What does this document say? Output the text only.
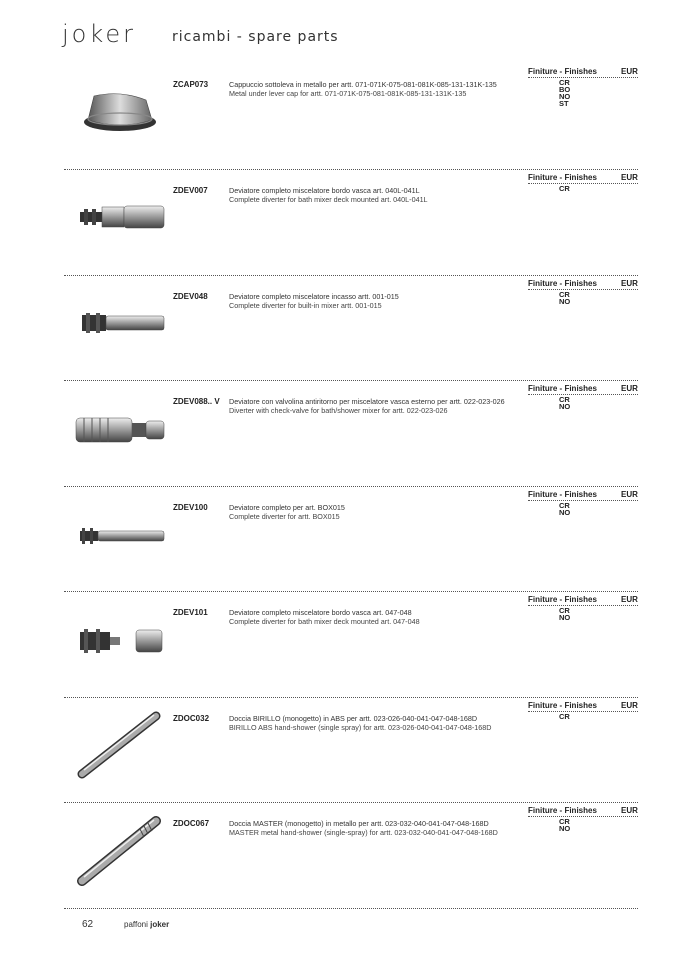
joker	ricambi - spare parts
Finiture - Finishes	EUR
ZCAP073	Cappuccio sottoleva in metallo per artt. 071-071K-075-081-081K-085-131-131K-135
Metal under lever cap for artt. 071-071K-075-081-081K-085-131-131K-135
CR
BO
NO
ST
Finiture - Finishes	EUR
ZDEV007	Deviatore completo miscelatore bordo vasca art. 040L-041L
Complete diverter for bath mixer deck mounted art. 040L-041L
CR
Finiture - Finishes	EUR
ZDEV048	Deviatore completo miscelatore incasso artt. 001-015
Complete diverter for built-in mixer artt. 001-015
CR
NO
Finiture - Finishes	EUR
ZDEV088.. V Deviatore con valvolina antiritorno per miscelatore vasca esterno per artt. 022-023-026
Diverter with check-valve for bath/shower mixer for artt. 022-023-026
CR
NO
Finiture - Finishes	EUR
ZDEV100	Deviatore completo per art. BOX015
Complete diverter for artt. BOX015
CR
NO
Finiture - Finishes	EUR
ZDEV101	Deviatore completo miscelatore bordo vasca art. 047-048
Complete diverter for bath mixer deck mounted art. 047-048
CR
NO
Finiture - Finishes	EUR
ZDOC032	Doccia BIRILLO (monogetto) in ABS per artt. 023-026-040-041-047-048-168D
BIRILLO ABS hand-shower (single spray) for artt. 023-026-040-041-047-048-168D
CR
Finiture - Finishes	EUR
ZDOC067	Doccia MASTER (monogetto) in metallo per artt. 023-032-040-041-047-048-168D
MASTER metal hand-shower (single-spray) for artt. 023-032-040-041-047-048-168D
CR
NO
62	paffoni joker
